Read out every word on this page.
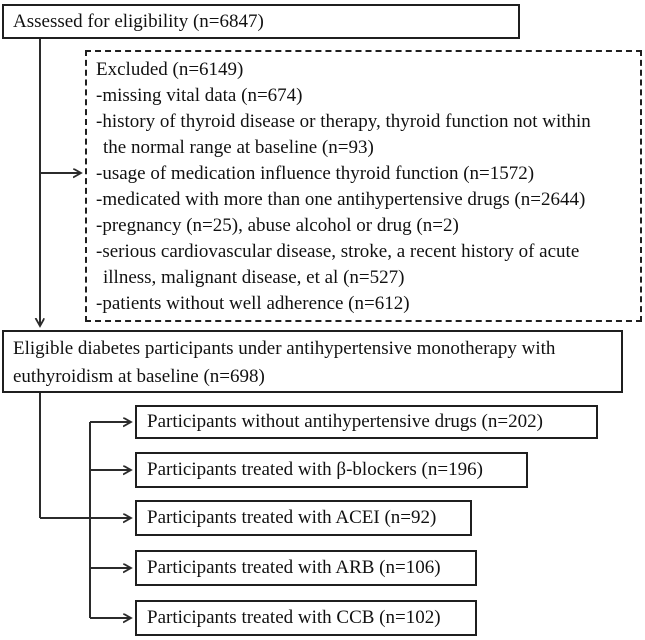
Assessed for eligibility (n=6847)
Excluded (n=6149)
-missing vital data (n=674)
-history of thyroid disease or therapy, thyroid function not within
the normal range at baseline (n=93)
-usage of medication influence thyroid function (n=1572)
-medicated with more than one antihypertensive drugs (n=2644)
-pregnancy (n=25), abuse alcohol or drug (n=2)
-serious cardiovascular disease, stroke, a recent history of acute
illness, malignant disease, et al (n=527)
-patients without well adherence (n=612)
Eligible diabetes participants under antihypertensive monotherapy with
euthyroidism at baseline (n=698)
Participants without antihypertensive drugs (n=202)
Participants treated with β-blockers (n=196)
Participants treated with ACEI (n=92)
Participants treated with ARB (n=106)
Participants treated with CCB (n=102)
